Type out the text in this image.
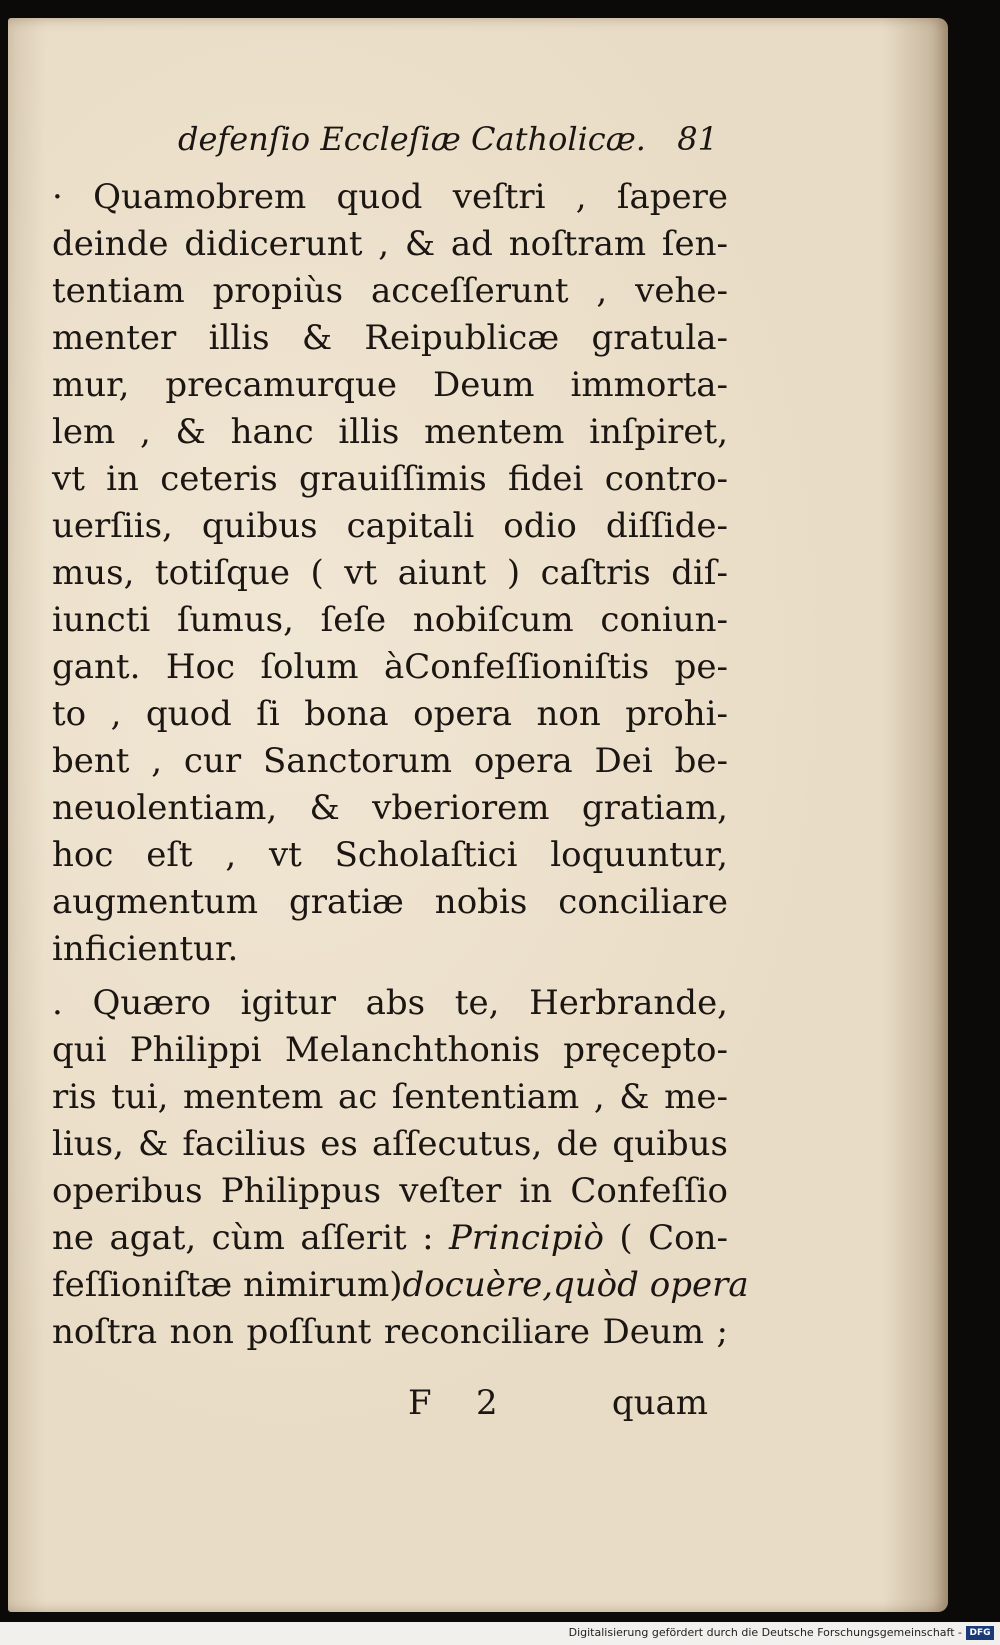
defenſio Eccleſiæ Catholicæ. 81
· Quamobrem quod veſtri , ſapere
deinde didicerunt , & ad noſtram ſen-
tentiam propiùs acceſſerunt , vehe-
menter illis & Reipublicæ gratula-
mur, precamurque Deum immorta-
lem , & hanc illis mentem inſpiret,
vt in ceteris grauiſſimis fidei contro-
uerſiis, quibus capitali odio diſſide-
mus, totiſque ( vt aiunt ) caſtris diſ-
iuncti ſumus, ſeſe nobiſcum coniun-
gant. Hoc ſolum àConfeſſioniſtis pe-
to , quod ſi bona opera non prohi-
bent , cur Sanctorum opera Dei be-
neuolentiam, & vberiorem gratiam,
hoc eſt , vt Scholaſtici loquuntur,
augmentum gratiæ nobis conciliare
inficientur.
. Quæro igitur abs te, Herbrande,
qui Philippi Melanchthonis pręcepto-
ris tui, mentem ac ſententiam , & me-
lius, & facilius es aſſecutus, de quibus
operibus Philippus veſter in Confeſſio
ne agat, cùm aſſerit : Principiò ( Con-
feſſioniſtæ nimirum)docuère,quòd opera
noſtra non poſſunt reconciliare Deum ;
F 2	quam
Digitalisierung gefördert durch die Deutsche Forschungsgemeinschaft - DFG
